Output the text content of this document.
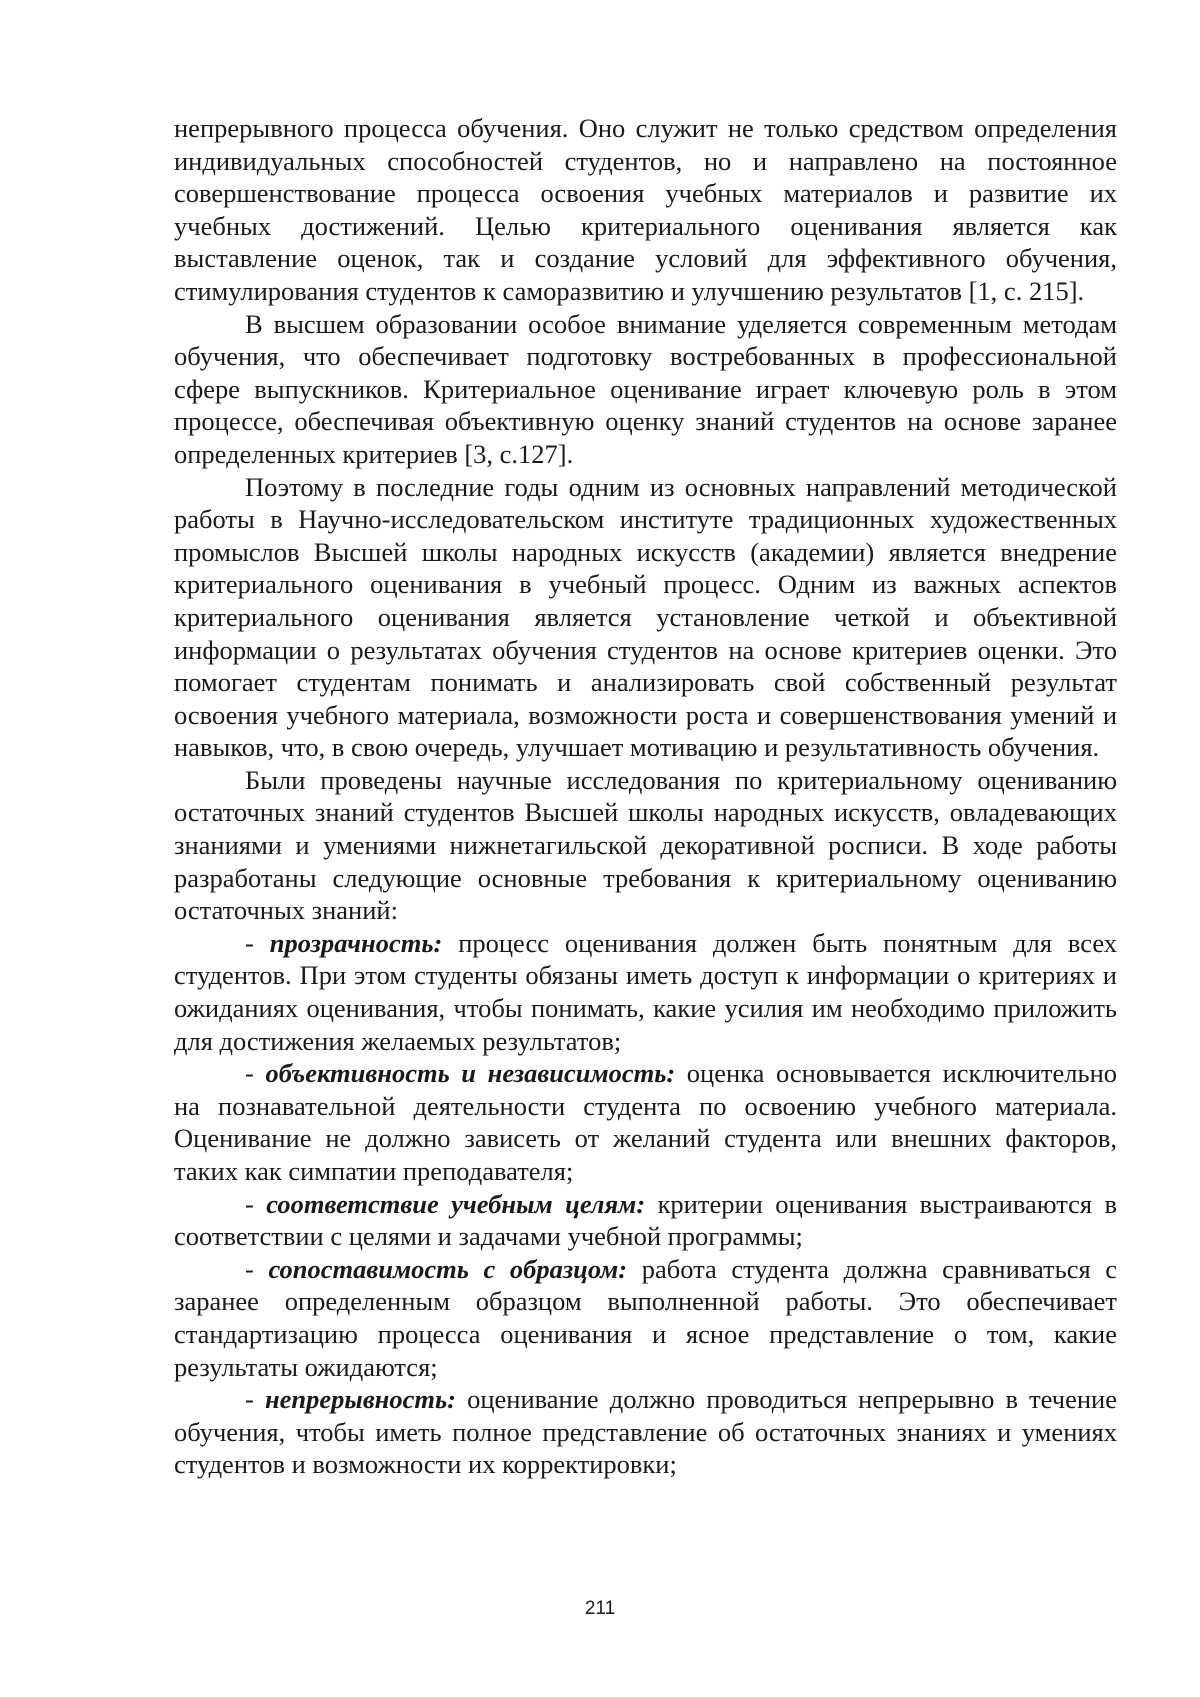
непрерывного процесса обучения. Оно служит не только средством определения индивидуальных способностей студентов, но и направлено на постоянное совершенствование процесса освоения учебных материалов и развитие их учебных достижений. Целью критериального оценивания является как выставление оценок, так и создание условий для эффективного обучения, стимулирования студентов к саморазвитию и улучшению результатов [1, с. 215].

В высшем образовании особое внимание уделяется современным методам обучения, что обеспечивает подготовку востребованных в профессиональной сфере выпускников. Критериальное оценивание играет ключевую роль в этом процессе, обеспечивая объективную оценку знаний студентов на основе заранее определенных критериев [3, с.127].

Поэтому в последние годы одним из основных направлений методической работы в Научно-исследовательском институте традиционных художественных промыслов Высшей школы народных искусств (академии) является внедрение критериального оценивания в учебный процесс. Одним из важных аспектов критериального оценивания является установление четкой и объективной информации о результатах обучения студентов на основе критериев оценки. Это помогает студентам понимать и анализировать свой собственный результат освоения учебного материала, возможности роста и совершенствования умений и навыков, что, в свою очередь, улучшает мотивацию и результативность обучения.

Были проведены научные исследования по критериальному оцениванию остаточных знаний студентов Высшей школы народных искусств, овладевающих знаниями и умениями нижнетагильской декоративной росписи. В ходе работы разработаны следующие основные требования к критериальному оцениванию остаточных знаний:

- прозрачность: процесс оценивания должен быть понятным для всех студентов. При этом студенты обязаны иметь доступ к информации о критериях и ожиданиях оценивания, чтобы понимать, какие усилия им необходимо приложить для достижения желаемых результатов;

- объективность и независимость: оценка основывается исключительно на познавательной деятельности студента по освоению учебного материала. Оценивание не должно зависеть от желаний студента или внешних факторов, таких как симпатии преподавателя;

- соответствие учебным целям: критерии оценивания выстраиваются в соответствии с целями и задачами учебной программы;

- сопоставимость с образцом: работа студента должна сравниваться с заранее определенным образцом выполненной работы. Это обеспечивает стандартизацию процесса оценивания и ясное представление о том, какие результаты ожидаются;

- непрерывность: оценивание должно проводиться непрерывно в течение обучения, чтобы иметь полное представление об остаточных знаниях и умениях студентов и возможности их корректировки;

211
